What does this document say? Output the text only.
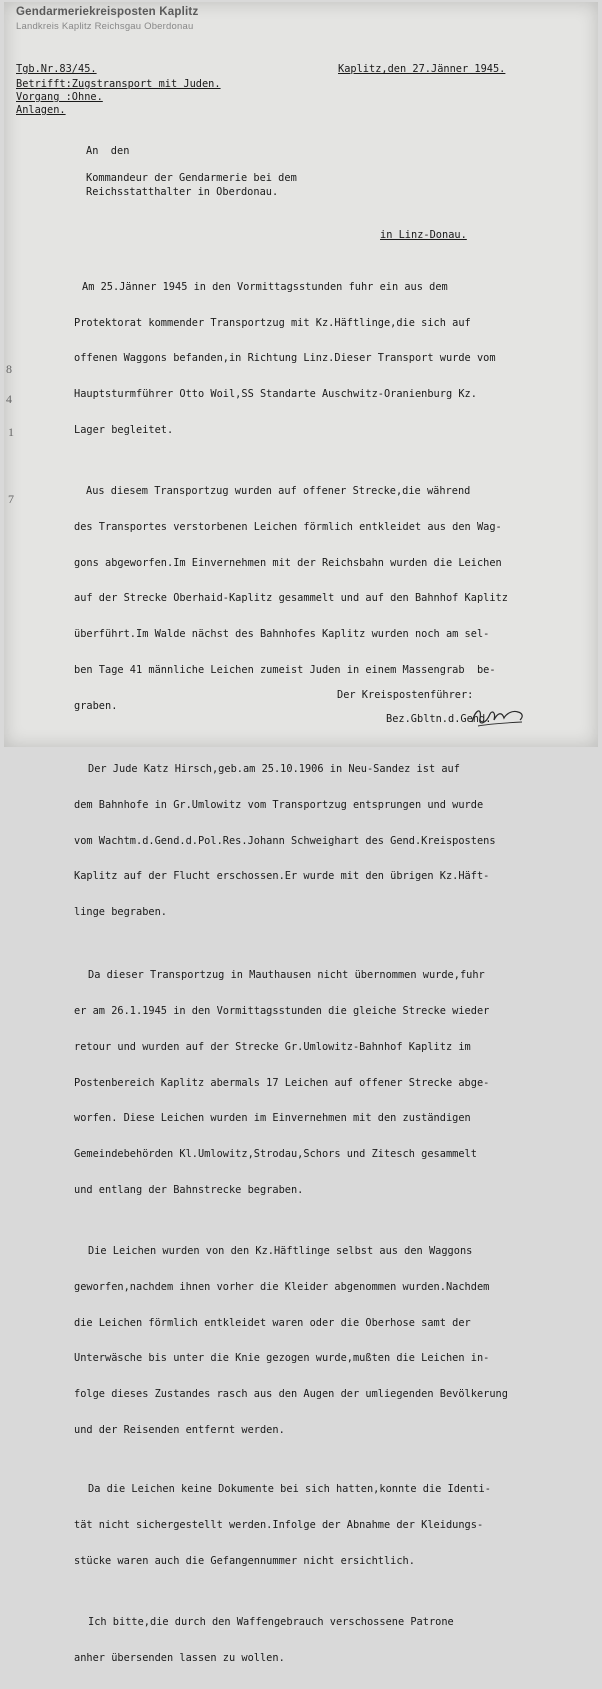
Gendarmeriekreisposten Kaplitz
Landkreis Kaplitz Reichsgau Oberdonau
Tgb.Nr.83/45.	Kaplitz,den 27.Jänner 1945.
Betrifft:Zugstransport mit Juden.
Vorgang :Ohne.
Anlagen.
An  den
Kommandeur der Gendarmerie bei dem
Reichsstatthalter in Oberdonau.
in Linz-Donau.

Am 25.Jänner 1945 in den Vormittagsstunden fuhr ein aus dem

Protektorat kommender Transportzug mit Kz.Häftlinge,die sich auf

offenen Waggons befanden,in Richtung Linz.Dieser Transport wurde vom

Hauptsturmführer Otto Woil,SS Standarte Auschwitz-Oranienburg Kz.

Lager begleitet.

Aus diesem Transportzug wurden auf offener Strecke,die während

des Transportes verstorbenen Leichen förmlich entkleidet aus den Wag-

gons abgeworfen.Im Einvernehmen mit der Reichsbahn wurden die Leichen

auf der Strecke Oberhaid-Kaplitz gesammelt und auf den Bahnhof Kaplitz

überführt.Im Walde nächst des Bahnhofes Kaplitz wurden noch am sel-

ben Tage 41 männliche Leichen zumeist Juden in einem Massengrab  be-

graben.

Der Jude Katz Hirsch,geb.am 25.10.1906 in Neu-Sandez ist auf

dem Bahnhofe in Gr.Umlowitz vom Transportzug entsprungen und wurde

vom Wachtm.d.Gend.d.Pol.Res.Johann Schweighart des Gend.Kreispostens

Kaplitz auf der Flucht erschossen.Er wurde mit den übrigen Kz.Häft-

linge begraben.

Da dieser Transportzug in Mauthausen nicht übernommen wurde,fuhr

er am 26.1.1945 in den Vormittagsstunden die gleiche Strecke wieder

retour und wurden auf der Strecke Gr.Umlowitz-Bahnhof Kaplitz im

Postenbereich Kaplitz abermals 17 Leichen auf offener Strecke abge-

worfen. Diese Leichen wurden im Einvernehmen mit den zuständigen

Gemeindebehörden Kl.Umlowitz,Strodau,Schors und Zitesch gesammelt

und entlang der Bahnstrecke begraben.

Die Leichen wurden von den Kz.Häftlinge selbst aus den Waggons

geworfen,nachdem ihnen vorher die Kleider abgenommen wurden.Nachdem

die Leichen förmlich entkleidet waren oder die Oberhose samt der

Unterwäsche bis unter die Knie gezogen wurde,mußten die Leichen in-

folge dieses Zustandes rasch aus den Augen der umliegenden Bevölkerung

und der Reisenden entfernt werden.

Da die Leichen keine Dokumente bei sich hatten,konnte die Identi-

tät nicht sichergestellt werden.Infolge der Abnahme der Kleidungs-

stücke waren auch die Gefangennummer nicht ersichtlich.

Ich bitte,die durch den Waffengebrauch verschossene Patrone

anher übersenden lassen zu wollen.

8
4
1
7
Der Kreispostenführer:
Bez.Gbltn.d.Gend.
